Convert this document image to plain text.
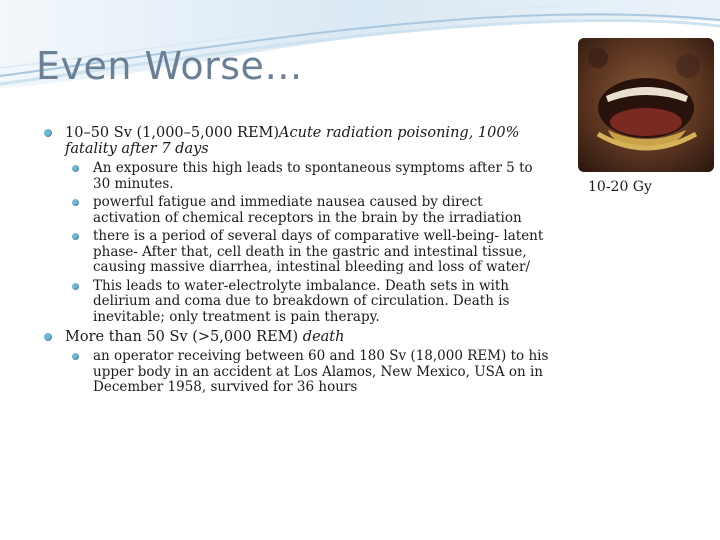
Even Worse…
10-20 Gy
10–50 Sv (1,000–5,000 REM)Acute radiation poisoning, 100% fatality after 7 days
An exposure this high leads to spontaneous symptoms after 5 to 30 minutes.
powerful fatigue and immediate nausea caused by direct activation of chemical receptors in the brain by the irradiation
there is a period of several days of comparative well-being- latent phase- After that, cell death in the gastric and intestinal tissue, causing massive diarrhea, intestinal bleeding and loss of water/
This leads to water-electrolyte imbalance. Death sets in with delirium and coma due to breakdown of circulation. Death is inevitable; only treatment is pain therapy.
More than 50 Sv (>5,000 REM) death
an operator receiving between 60 and 180 Sv (18,000 REM) to his upper body in an accident at Los Alamos, New Mexico, USA on in December 1958, survived for 36 hours
